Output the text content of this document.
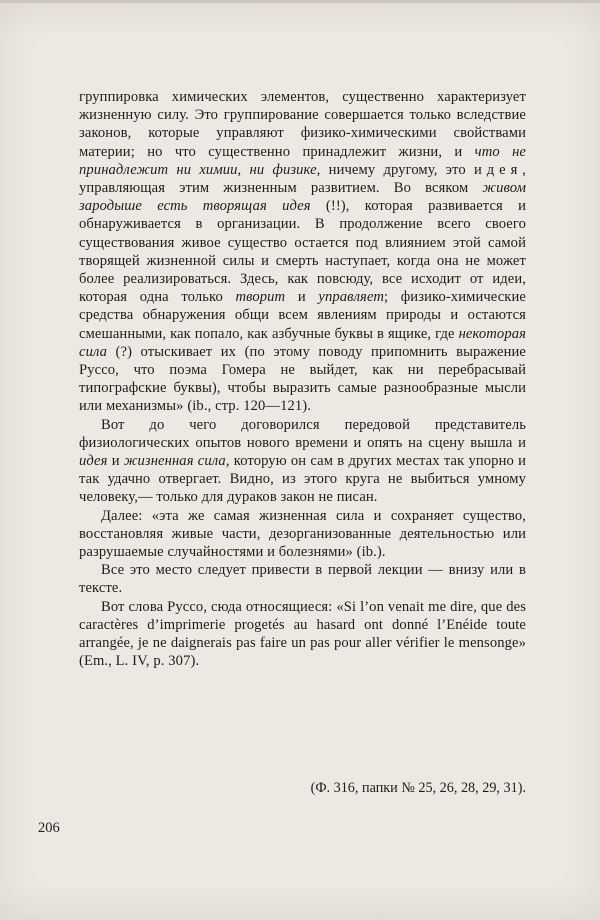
группировка химических элементов, существенно характеризует жизненную силу. Это группирование совершается только вследствие законов, которые управляют физико-химическими свойствами материи; но что существенно принадлежит жизни, и что не принадлежит ни химии, ни физике, ничему другому, это идея, управляющая этим жизненным развитием. Во всяком живом зародыше есть творящая идея (!!), которая развивается и обнаруживается в организации. В продолжение всего своего существования живое существо остается под влиянием этой самой творящей жизненной силы и смерть наступает, когда она не может более реализироваться. Здесь, как повсюду, все исходит от идеи, которая одна только творит и управляет; физико-химические средства обнаружения общи всем явлениям природы и остаются смешанными, как попало, как азбучные буквы в ящике, где некоторая сила (?) отыскивает их (по этому поводу припомнить выражение Руссо, что поэма Гомера не выйдет, как ни перебрасывай типографские буквы), чтобы выразить самые разнообразные мысли или механизмы» (ib., стр. 120—121).

Вот до чего договорился передовой представитель физиологических опытов нового времени и опять на сцену вышла и идея и жизненная сила, которую он сам в других местах так упорно и так удачно отвергает. Видно, из этого круга не выбиться умному человеку,— только для дураков закон не писан.

Далее: «эта же самая жизненная сила и сохраняет существо, восстановляя живые части, дезорганизованные деятельностью или разрушаемые случайностями и болезнями» (ib.).

Все это место следует привести в первой лекции — внизу или в тексте.

Вот слова Руссо, сюда относящиеся: «Si l’on venait me dire, que des caractères d’imprimerie progetés au hasard ont donné l’Enéide toute arrangée, je ne daignerais pas faire un pas pour aller vérifier le mensonge» (Em., L. IV, p. 307).

(Ф. 316, папки № 25, 26, 28, 29, 31).
206
